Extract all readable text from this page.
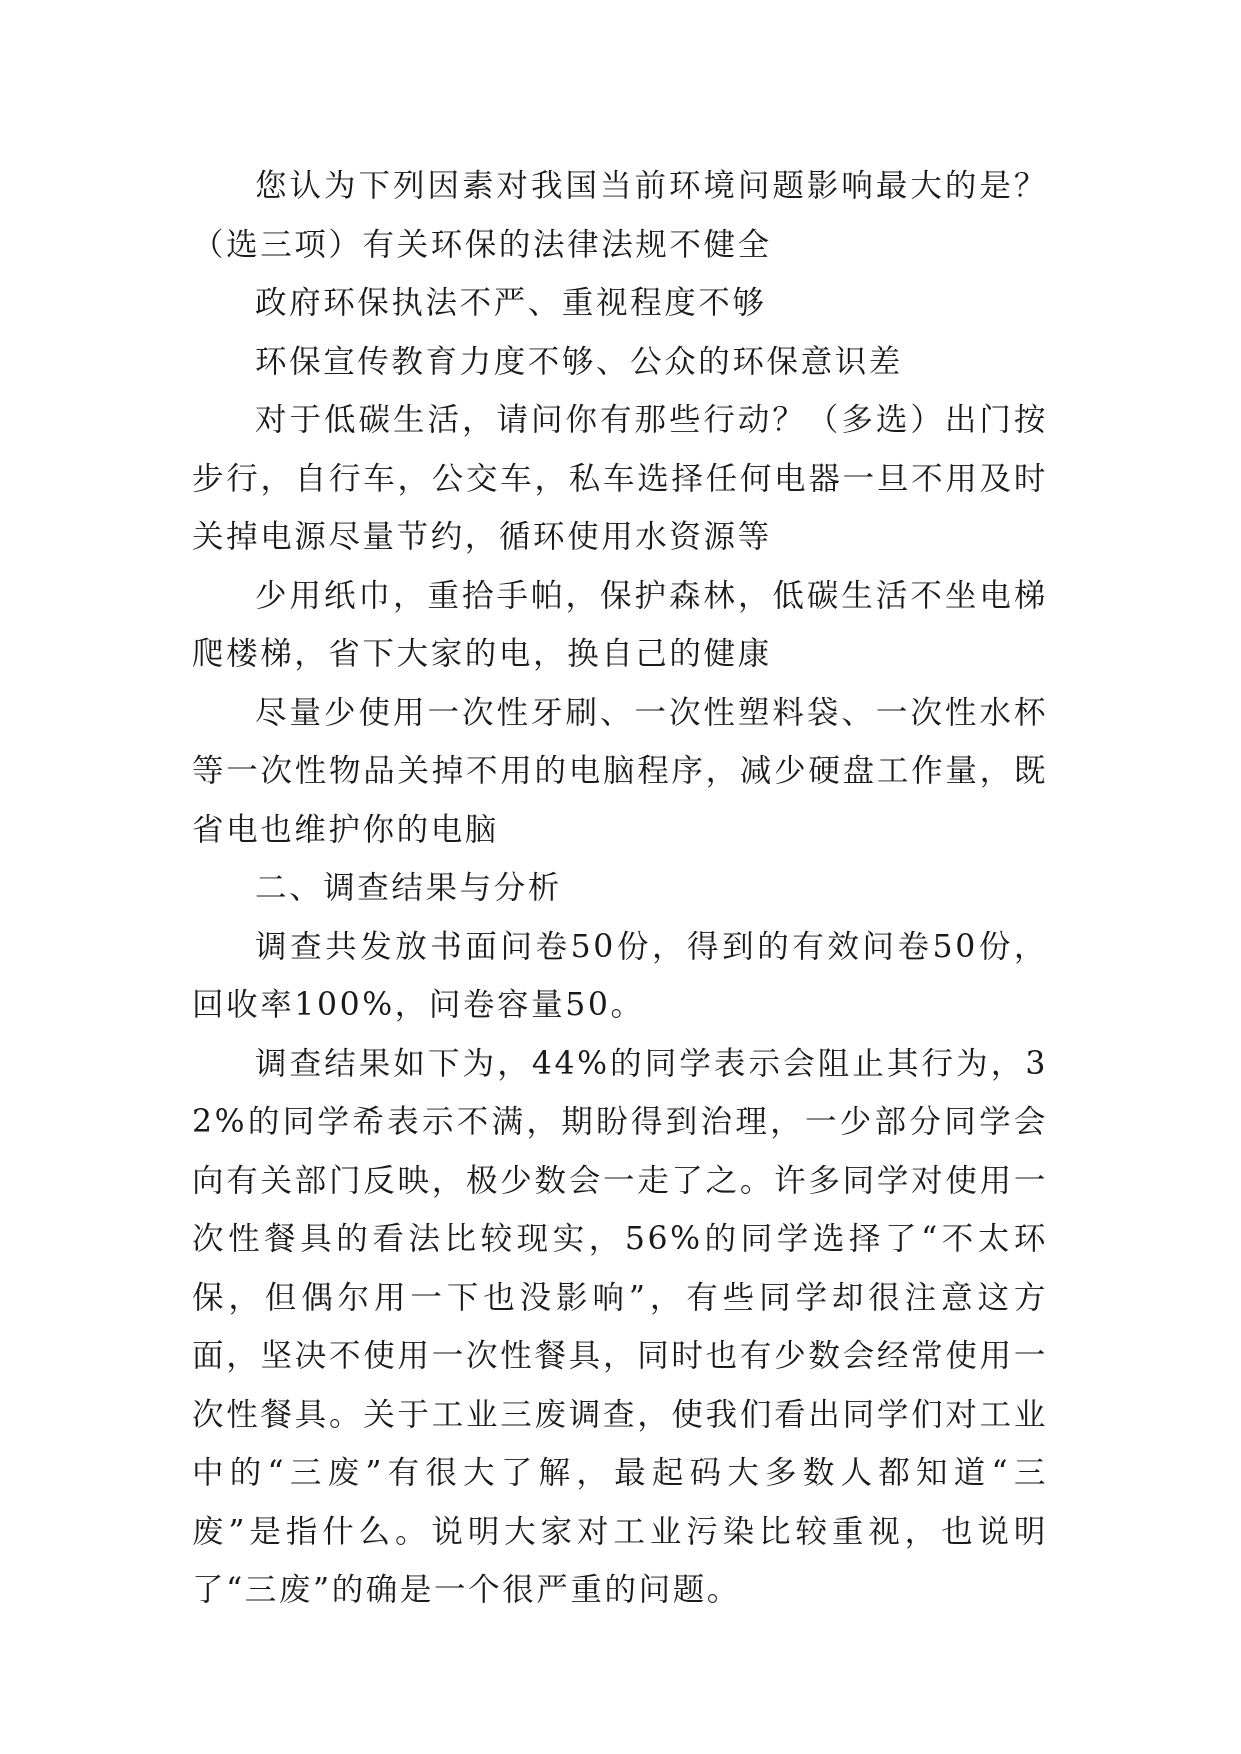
您认为下列因素对我国当前环境问题影响最大的是？（选三项）有关环保的法律法规不健全

政府环保执法不严、重视程度不够

环保宣传教育力度不够、公众的环保意识差

对于低碳生活，请问你有那些行动？（多选）出门按步行，自行车，公交车，私车选择任何电器一旦不用及时关掉电源尽量节约，循环使用水资源等

少用纸巾，重拾手帕，保护森林，低碳生活不坐电梯爬楼梯，省下大家的电，换自己的健康

尽量少使用一次性牙刷、一次性塑料袋、一次性水杯等一次性物品关掉不用的电脑程序，减少硬盘工作量，既省电也维护你的电脑

二、调查结果与分析

调查共发放书面问卷50份，得到的有效问卷50份，回收率100%，问卷容量50。

调查结果如下为，44%的同学表示会阻止其行为，32%的同学希表示不满，期盼得到治理，一少部分同学会向有关部门反映，极少数会一走了之。许多同学对使用一次性餐具的看法比较现实，56%的同学选择了“不太环保，但偶尔用一下也没影响”，有些同学却很注意这方面，坚决不使用一次性餐具，同时也有少数会经常使用一次性餐具。关于工业三废调查，使我们看出同学们对工业中的“三废”有很大了解，最起码大多数人都知道“三废”是指什么。说明大家对工业污染比较重视，也说明了“三废”的确是一个很严重的问题。
